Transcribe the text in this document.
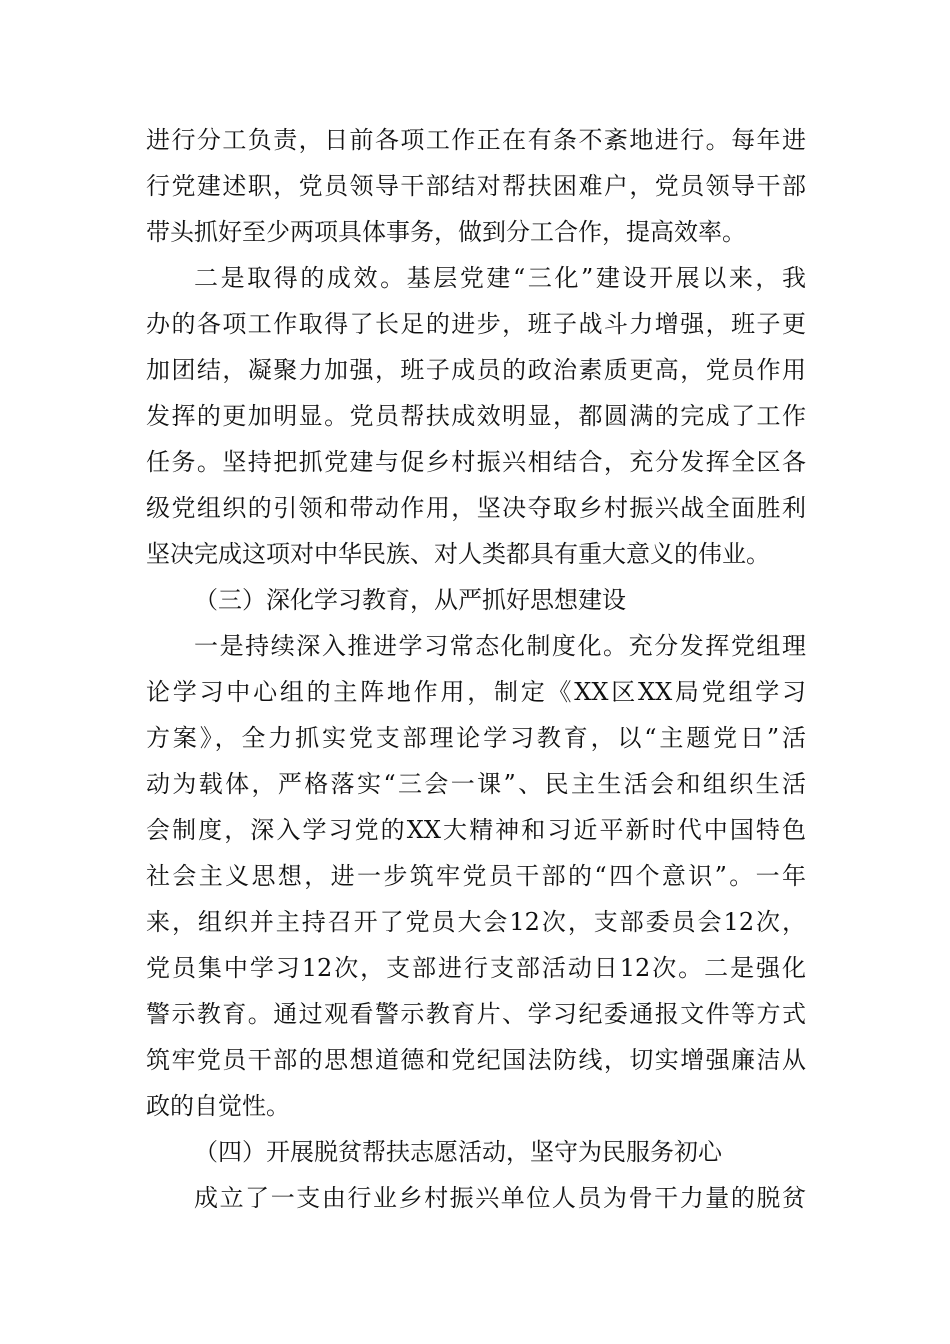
进行分工负责，日前各项工作正在有条不紊地进行。每年进
行党建述职，党员领导干部结对帮扶困难户，党员领导干部
带头抓好至少两项具体事务，做到分工合作，提高效率。
二是取得的成效。基层党建“三化”建设开展以来，我
办的各项工作取得了长足的进步，班子战斗力增强，班子更
加团结，凝聚力加强，班子成员的政治素质更高，党员作用
发挥的更加明显。党员帮扶成效明显，都圆满的完成了工作
任务。坚持把抓党建与促乡村振兴相结合，充分发挥全区各
级党组织的引领和带动作用，坚决夺取乡村振兴战全面胜利
坚决完成这项对中华民族、对人类都具有重大意义的伟业。
（三）深化学习教育，从严抓好思想建设
一是持续深入推进学习常态化制度化。充分发挥党组理
论学习中心组的主阵地作用，制定《XX区XX局党组学习
方案》，全力抓实党支部理论学习教育，以“主题党日”活
动为载体，严格落实“三会一课”、民主生活会和组织生活
会制度，深入学习党的XX大精神和习近平新时代中国特色
社会主义思想，进一步筑牢党员干部的“四个意识”。一年
来，组织并主持召开了党员大会12次，支部委员会12次，
党员集中学习12次，支部进行支部活动日12次。二是强化
警示教育。通过观看警示教育片、学习纪委通报文件等方式
筑牢党员干部的思想道德和党纪国法防线，切实增强廉洁从
政的自觉性。
（四）开展脱贫帮扶志愿活动，坚守为民服务初心
成立了一支由行业乡村振兴单位人员为骨干力量的脱贫
